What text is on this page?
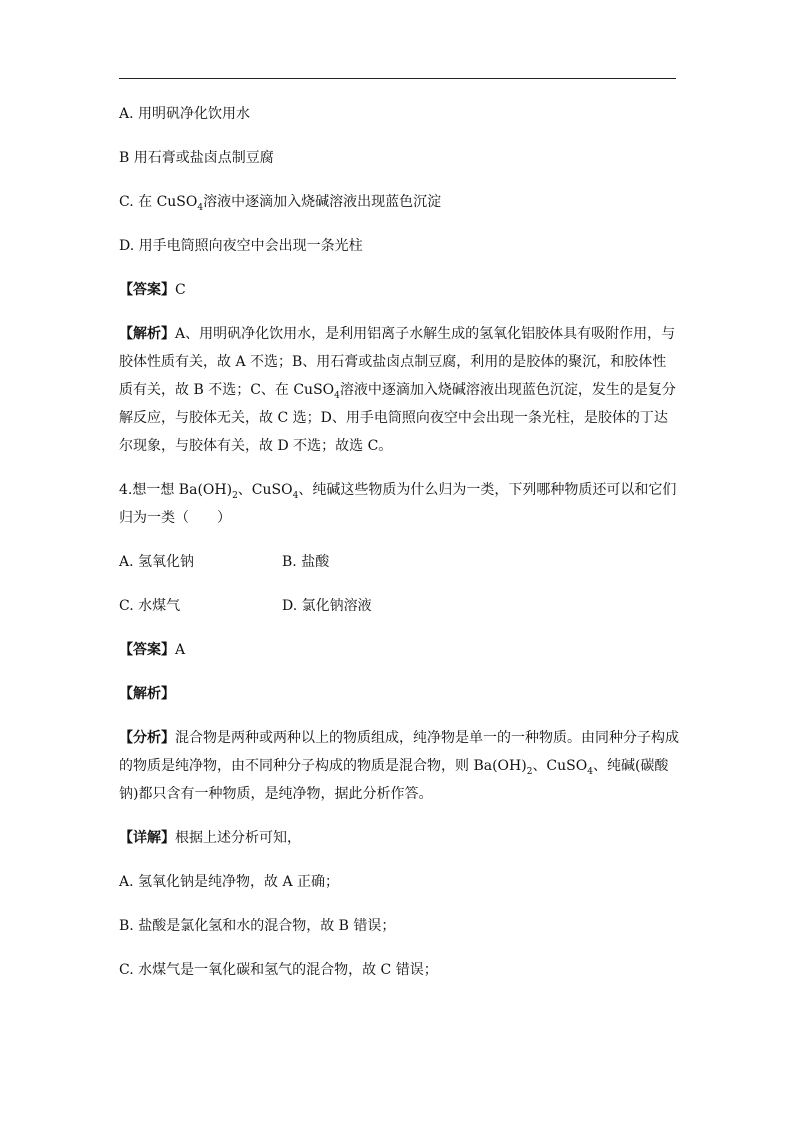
A. 用明矾净化饮用水

B 用石膏或盐卤点制豆腐

C. 在 CuSO$_4$溶液中逐滴加入烧碱溶液出现蓝色沉淀

D. 用手电筒照向夜空中会出现一条光柱

【答案】C

【解析】A、用明矾净化饮用水，是利用铝离子水解生成的氢氧化铝胶体具有吸附作用，与胶体性质有关，故 A 不选；B、用石膏或盐卤点制豆腐，利用的是胶体的聚沉，和胶体性质有关，故 B 不选；C、在 CuSO$_4$溶液中逐滴加入烧碱溶液出现蓝色沉淀，发生的是复分解反应，与胶体无关，故 C 选；D、用手电筒照向夜空中会出现一条光柱，是胶体的丁达尔现象，与胶体有关，故 D 不选；故选 C。

4.想一想 $Ba(OH)_2$、CuSO$_4$、纯碱这些物质为什么归为一类，下列哪种物质还可以和它们归为一类（　　）

A. 氢氧化钠	B. 盐酸
C. 水煤气	D. 氯化钠溶液

【答案】A

【解析】

【分析】混合物是两种或两种以上的物质组成，纯净物是单一的一种物质。由同种分子构成的物质是纯净物，由不同种分子构成的物质是混合物，则 $Ba(OH)_2$、CuSO$_4$、纯碱(碳酸钠)都只含有一种物质，是纯净物，据此分析作答。

【详解】根据上述分析可知，

A. 氢氧化钠是纯净物，故 A 正确；

B. 盐酸是氯化氢和水的混合物，故 B 错误；

C. 水煤气是一氧化碳和氢气的混合物，故 C 错误；
